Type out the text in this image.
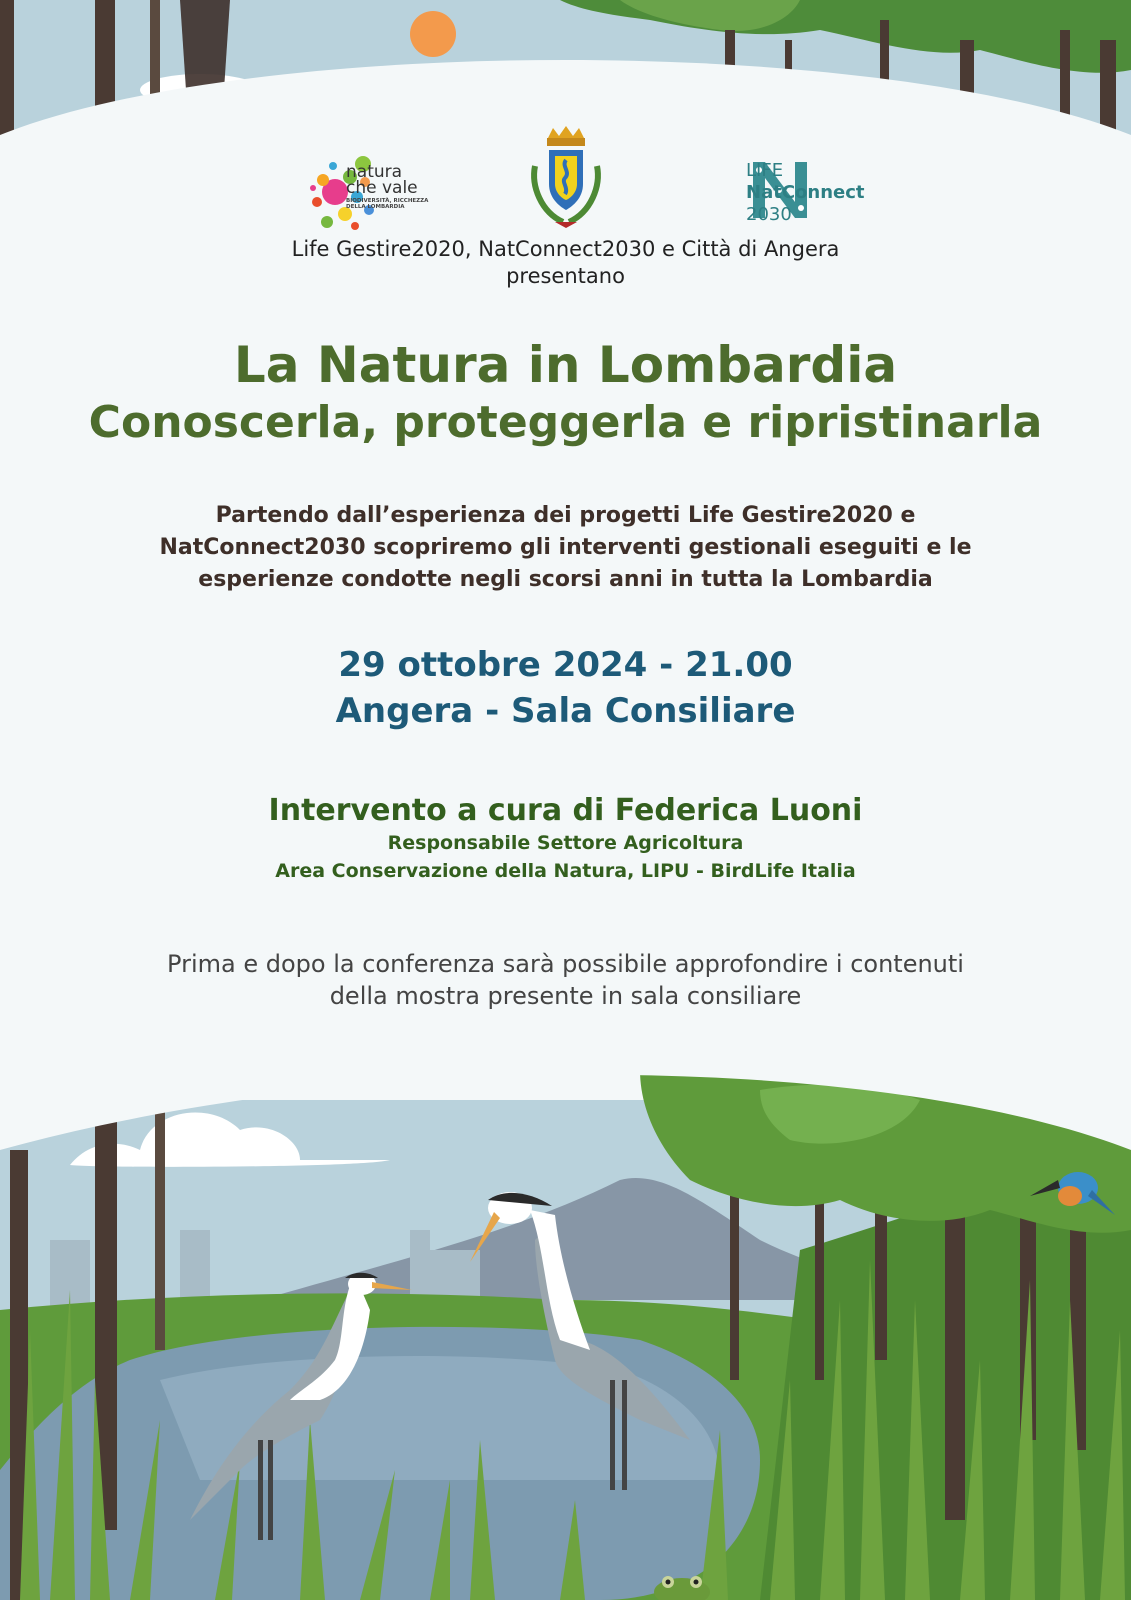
natura
che vale
BIODIVERSITÀ, RICCHEZZA DELLA LOMBARDIA
LIFE
NatConnect
2030
Life Gestire2020, NatConnect2030 e Città di Angera
presentano
La Natura in Lombardia
Conoscerla, proteggerla e ripristinarla
Partendo dall’esperienza dei progetti Life Gestire2020 e
NatConnect2030 scopriremo gli interventi gestionali eseguiti e le
esperienze condotte negli scorsi anni in tutta la Lombardia
29 ottobre 2024 - 21.00
Angera - Sala Consiliare
Intervento a cura di Federica Luoni
Responsabile Settore Agricoltura
Area Conservazione della Natura, LIPU - BirdLife Italia
Prima e dopo la conferenza sarà possibile approfondire i contenuti
della mostra presente in sala consiliare
